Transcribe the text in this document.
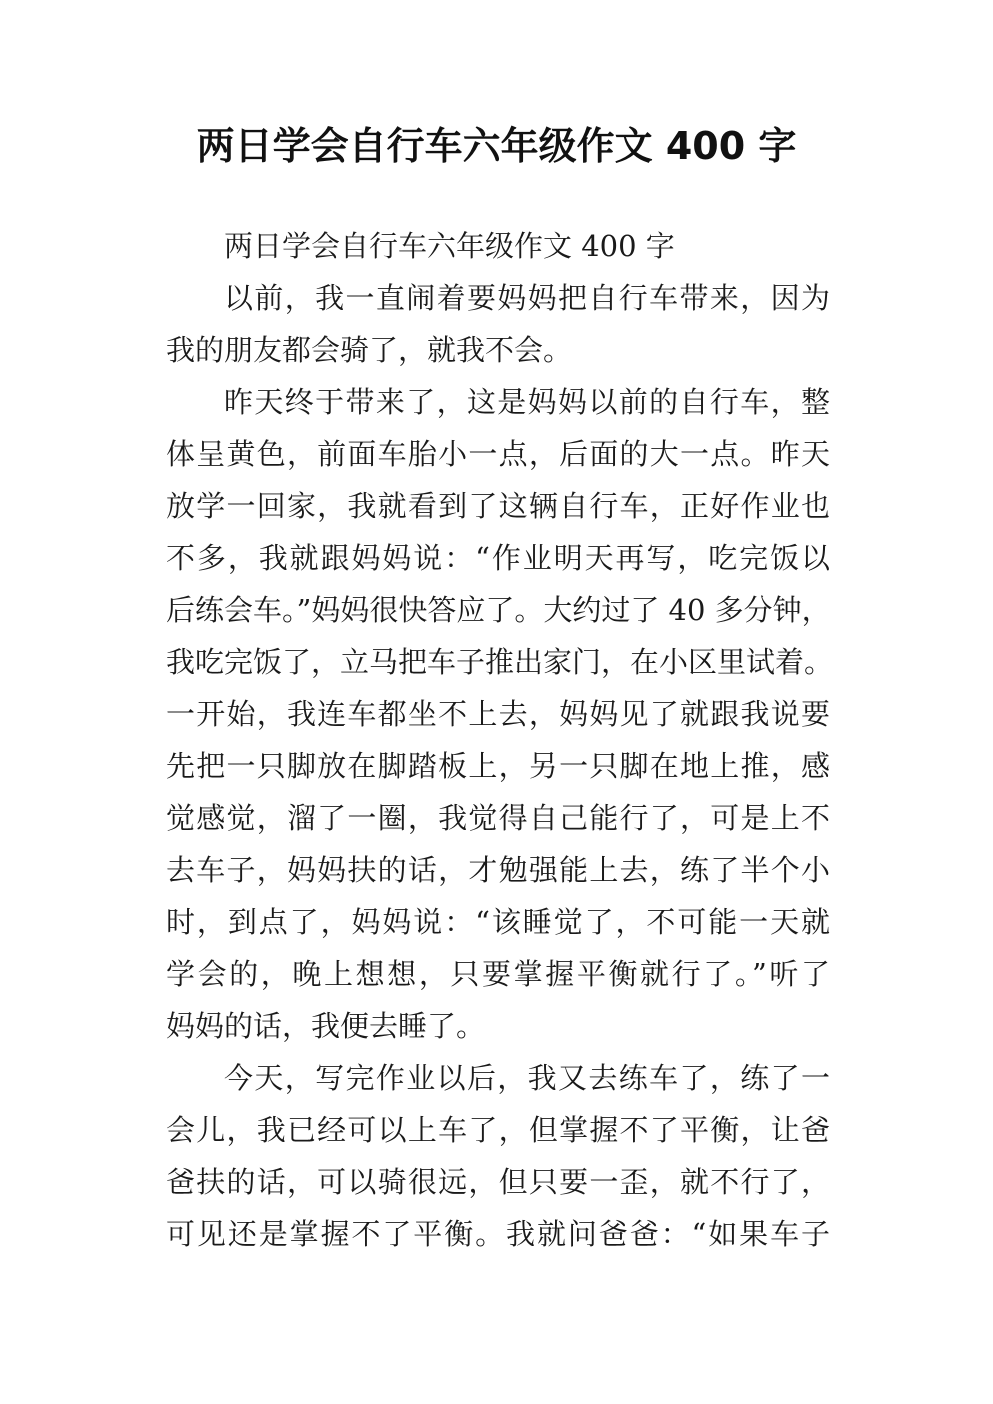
两日学会自行车六年级作文 400 字
两日学会自行车六年级作文 400 字
以前，我一直闹着要妈妈把自行车带来，因为
我的朋友都会骑了，就我不会。
昨天终于带来了，这是妈妈以前的自行车，整
体呈黄色，前面车胎小一点，后面的大一点。昨天
放学一回家，我就看到了这辆自行车，正好作业也
不多，我就跟妈妈说：“作业明天再写，吃完饭以
后练会车。”妈妈很快答应了。大约过了 40 多分钟，
我吃完饭了，立马把车子推出家门，在小区里试着。
一开始，我连车都坐不上去，妈妈见了就跟我说要
先把一只脚放在脚踏板上，另一只脚在地上推，感
觉感觉，溜了一圈，我觉得自己能行了，可是上不
去车子，妈妈扶的话，才勉强能上去，练了半个小
时，到点了，妈妈说：“该睡觉了，不可能一天就
学会的，晚上想想，只要掌握平衡就行了。”听了
妈妈的话，我便去睡了。
今天，写完作业以后，我又去练车了，练了一
会儿，我已经可以上车了，但掌握不了平衡，让爸
爸扶的话，可以骑很远，但只要一歪，就不行了，
可见还是掌握不了平衡。我就问爸爸：“如果车子
